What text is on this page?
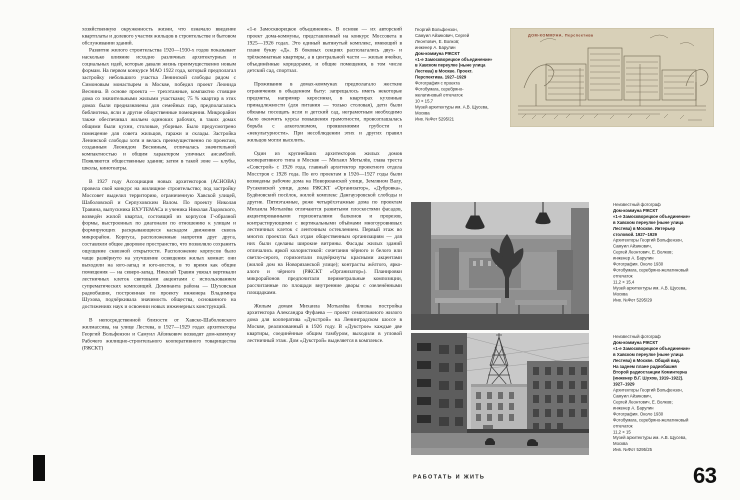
хозяйственную окруженность жизни, что означало введение квартплаты и долевого участия жильцов в строительстве и бытовом обслуживании зданий.
Развитие жилого строительства 1920—1930-х годов показывает насколько влияние исходно различных архитектурных и социальных идей, которые давали жизнь преимущественно новым формам. На первом конкурсе МАО 1922 года, который предполагал застройку небольшого участка Ленинской слободы рядом с Симоновым монастырем в Москве, победил проект Леонида Веснина. В основе проекта — трехэтажные, компактно стоящие дома со значительными жилыми участками; 75 % квартир в этих домах были предназначены для семейных пар, предполагались библиотека, ясли и другие общественные помещения. Микрорайон также обеспечивал жильем одиноких рабочих, в таких домах общими были кухни, столовые, уборные. Было предусмотрено помещение для совета жильцов, гаражи и склады. Застройка Ленинской слободы хотя и велась преимущественно по проектам, созданным Леонидом Весниным, отличалась значительной компактностью и общим характером уличных ансамблей. Появляются общественные здания; затем в такой зоне — клубы, школы, кинотеатры.
В 1927 году Ассоциация новых архитекторов (АСНОВА) провела свой конкурс на жилищное строительство; под застройку Моссовет выделил территорию, ограниченную Хавской улицей, Шаболовской и Серпуховским Валом. По проекту Николая Травина, выпускника ВХУТЕМАСа и ученика Николая Ладовского, возведён жилой квартал, состоящий из корпусов Г-образной формы, выстроенных по диагонали по отношению к улицам и формирующих раскрывающиеся каскадом движения сквозь микрорайон. Корпуса, расположенные напротив друг друга, составляли общее дворовое пространство, что позволяло сохранить ощущение сквозной открытости. Расположение корпусов было чаще развёрнуто на улучшение освещения жилых комнат: они выходили на юго-запад и юго-восток, в то время как общие помещения — на северо-запад. Николай Травин увязал вертикали лестничных клеток световыми акцентами с использованием супрематических композиций. Доминанта района — Шуховская радиобашня, построенная по проекту инженера Владимира Шухова, подчёркивала значимость общества, основанного на достижениях наук и освоении новых инженерных конструкций.
В непосредственной близости от Хавско-Шаболовского жилмассива, на улице Лестева, в 1927—1929 годах архитекторы Георгий Вольфензон и Самуил Айзикович возводят дом-коммуну Рабочего жилищно-строительного кооперативного товарищества (РЖСКТ)
«1-е Замоскворецкое объединение». В основе — их авторский проект дома-коммуны, представленный на конкурс Моссовета в 1925—1926 годах. Это единый вытянутый комплекс, имеющий в плане букву «Д». В боковых секциях располагались двух- и трёхкомнатные квартиры, а в центральной части — жилые ячейки, объединённые коридорами, и общие помещения, в том числе детский сад, спортзал.
Проживание в домах-коммунах предполагало жесткие ограничения в обыденном быту: запрещалось иметь некоторые предметы, например керосинки, в квартирах кухонные принадлежности (для питания — только столовая), дети были обязаны посещать ясли и детский сад, неграмотным необходимо было окончить курсы повышения грамотности, провозглашалась борьба с алкоголизмом, проявлениями грубости и «некультурности». При несоблюдении этих и других правил жильцов могли выселить.
Один из крупнейших архитекторов жилых домов кооперативного типа в Москве — Михаил Мотылёв, глава треста «Совстрой» с 1926 года, главный архитектор проектного отдела Мосстроя с 1928 года. По его проектам в 1926—1927 годы были возведены рабочие дома на Новорязанской улице, Земляном Валу, Русаковской улице, дома РЖСКТ «Организатор», «Дубровка», Будёновский посёлок, жилой комплекс Дангауэровской слободы и другие. Пятиэтажные, реже четырёхэтажные дома по проектам Михаила Мотылёва отличаются развитыми плоскостями фасадов, акцентированными горизонталями балконов и прорезов, контрастирующими с вертикальными объёмами многоуровневых лестничных клеток с ленточным остеклением. Первый этаж во многих проектах был отдан общественным организациям — для них были сделаны широкие витрины. Фасады жилых зданий отличались яркой колористикой: сочетания чёрного и белого или светло-серого, горизонтали подчёркнуты красными акцентами (жилой дом на Новорязанской улице); контрасты жёлтого, ярко-алого и чёрного (РЖСКТ «Организатор»). Планировки микрорайонов предпочитали периметральные композиции, рассчитанные по площади внутренние дворы с озеленёнными площадками.
Жилым домам Михаила Мотылёва близка постройка архитектора Александра Фуфаева — проект семиэтажного жилого дома для кооператива «Дукстрой» на Ленинградском шоссе в Москве, реализованный в 1926 году. В «Дукстрое» каждые две квартиры, соединённые общим тамбуром, выходили в угловой лестничный этаж. Дом «Дукстрой» выделяется в комплексе.
Георгий Вольфензон,
Самуил Айзикович, Сергей
Леонтович, Е. Волков;
инженер А. Барулин
Дом-коммуна РЖСКТ
«1-е Замоскворецкое объединение»
в Хавском переулке (ныне улица
Лестева) в Москве. Проект.
Перспектива. 1927–1929
Фотография с проекта
Фотобумага, серебряно-
желатиновый отпечаток
10 × 15,7
Музей архитектуры им. А.В. Щусева,
Москва
Инв. №Фот 5295/21
ДОМ-КОММУНА. Перспектива
Неизвестный фотограф
Дом-коммуна РЖСКТ
«1-е Замоскворецкое объединение»
в Хавском переулке (ныне улица
Лестева) в Москве. Интерьер
столовой. 1927–1929
Архитекторы Георгий Вольфензон,
Самуил Айзикович,
Сергей Леонтович, Е. Волков;
инженер А. Барулин
Фотография. Около 1930
Фотобумага, серебряно-желатиновый
отпечаток
11,2 × 15,4
Музей архитектуры им. А.В. Щусева,
Москва
Инв. №Фот 5295/29
Неизвестный фотограф
Дом-коммуна РЖСКТ
«1-е Замоскворецкое объединение»
в Хавском переулке (ныне улица
Лестева) в Москве. Общий вид.
На заднем плане радиобашня
Второй радиостанции Коминтерна
(инженер В.Г. Шухов, 1919–1922).
1927–1929
Архитекторы Георгий Вольфензон,
Самуил Айзикович,
Сергей Леонтович, Е. Волков;
инженер А. Барулин
Фотография. Около 1930
Фотобумага, серебряно-желатиновый
отпечаток
11,2 × 15
Музей архитектуры им. А.В. Щусева,
Москва
Инв. №Фот 5295/25
РАБОТАТЬ И ЖИТЬ	63
